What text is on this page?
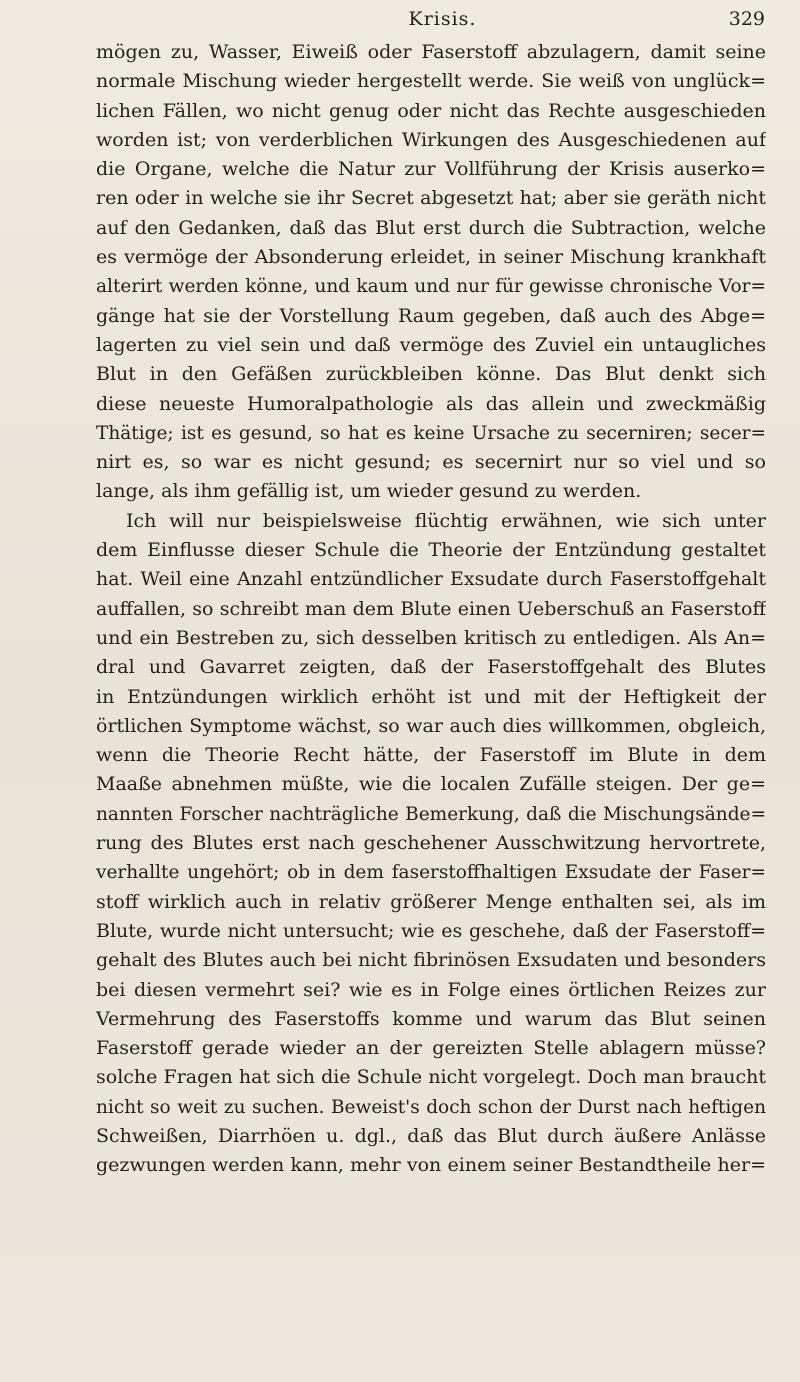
Krisis.	329
mögen zu, Wasser, Eiweiß oder Faserstoff abzulagern, damit seine
normale Mischung wieder hergestellt werde. Sie weiß von unglück=
lichen Fällen, wo nicht genug oder nicht das Rechte ausgeschieden
worden ist; von verderblichen Wirkungen des Ausgeschiedenen auf
die Organe, welche die Natur zur Vollführung der Krisis auserko=
ren oder in welche sie ihr Secret abgesetzt hat; aber sie geräth nicht
auf den Gedanken, daß das Blut erst durch die Subtraction, welche
es vermöge der Absonderung erleidet, in seiner Mischung krankhaft
alterirt werden könne, und kaum und nur für gewisse chronische Vor=
gänge hat sie der Vorstellung Raum gegeben, daß auch des Abge=
lagerten zu viel sein und daß vermöge des Zuviel ein untaugliches
Blut in den Gefäßen zurückbleiben könne. Das Blut denkt sich
diese neueste Humoralpathologie als das allein und zweckmäßig
Thätige; ist es gesund, so hat es keine Ursache zu secerniren; secer=
nirt es, so war es nicht gesund; es secernirt nur so viel und so
lange, als ihm gefällig ist, um wieder gesund zu werden.
Ich will nur beispielsweise flüchtig erwähnen, wie sich unter
dem Einflusse dieser Schule die Theorie der Entzündung gestaltet
hat. Weil eine Anzahl entzündlicher Exsudate durch Faserstoffgehalt
auffallen, so schreibt man dem Blute einen Ueberschuß an Faserstoff
und ein Bestreben zu, sich desselben kritisch zu entledigen. Als An=
dral und Gavarret zeigten, daß der Faserstoffgehalt des Blutes
in Entzündungen wirklich erhöht ist und mit der Heftigkeit der
örtlichen Symptome wächst, so war auch dies willkommen, obgleich,
wenn die Theorie Recht hätte, der Faserstoff im Blute in dem
Maaße abnehmen müßte, wie die localen Zufälle steigen. Der ge=
nannten Forscher nachträgliche Bemerkung, daß die Mischungsände=
rung des Blutes erst nach geschehener Ausschwitzung hervortrete,
verhallte ungehört; ob in dem faserstoffhaltigen Exsudate der Faser=
stoff wirklich auch in relativ größerer Menge enthalten sei, als im
Blute, wurde nicht untersucht; wie es geschehe, daß der Faserstoff=
gehalt des Blutes auch bei nicht fibrinösen Exsudaten und besonders
bei diesen vermehrt sei? wie es in Folge eines örtlichen Reizes zur
Vermehrung des Faserstoffs komme und warum das Blut seinen
Faserstoff gerade wieder an der gereizten Stelle ablagern müsse?
solche Fragen hat sich die Schule nicht vorgelegt. Doch man braucht
nicht so weit zu suchen. Beweist's doch schon der Durst nach heftigen
Schweißen, Diarrhöen u. dgl., daß das Blut durch äußere Anlässe
gezwungen werden kann, mehr von einem seiner Bestandtheile her=
